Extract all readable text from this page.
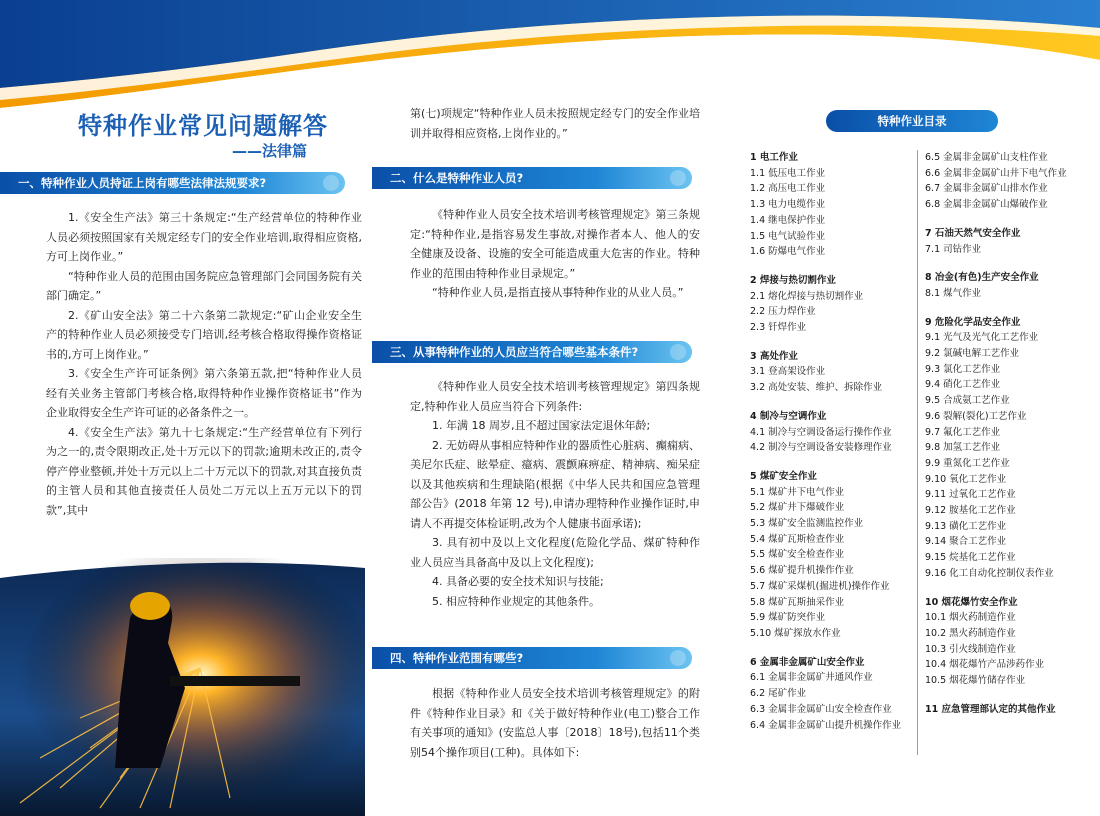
特种作业常见问题解答
——法律篇
一、特种作业人员持证上岗有哪些法律法规要求?

1.《安全生产法》第三十条规定:“生产经营单位的特种作业人员必须按照国家有关规定经专门的安全作业培训,取得相应资格,方可上岗作业。”

“特种作业人员的范围由国务院应急管理部门会同国务院有关部门确定。”

2.《矿山安全法》第二十六条第二款规定:“矿山企业安全生产的特种作业人员必须接受专门培训,经考核合格取得操作资格证书的,方可上岗作业。”

3.《安全生产许可证条例》第六条第五款,把“特种作业人员经有关业务主管部门考核合格,取得特种作业操作资格证书”作为企业取得安全生产许可证的必备条件之一。

4.《安全生产法》第九十七条规定:“生产经营单位有下列行为之一的,责令限期改正,处十万元以下的罚款;逾期未改正的,责令停产停业整顿,并处十万元以上二十万元以下的罚款,对其直接负责的主管人员和其他直接责任人员处二万元以上五万元以下的罚款”,其中

第(七)项规定“特种作业人员未按照规定经专门的安全作业培训并取得相应资格,上岗作业的。”
二、什么是特种作业人员?

《特种作业人员安全技术培训考核管理规定》第三条规定:“特种作业,是指容易发生事故,对操作者本人、他人的安全健康及设备、设施的安全可能造成重大危害的作业。特种作业的范围由特种作业目录规定。”

“特种作业人员,是指直接从事特种作业的从业人员。”

三、从事特种作业的人员应当符合哪些基本条件?

《特种作业人员安全技术培训考核管理规定》第四条规定,特种作业人员应当符合下列条件:

1. 年满 18 周岁,且不超过国家法定退休年龄;

2. 无妨碍从事相应特种作业的器质性心脏病、癫痫病、美尼尔氏症、眩晕症、癔病、震颤麻痹症、精神病、痴呆症以及其他疾病和生理缺陷(根据《中华人民共和国应急管理部公告》(2018 年第 12 号),申请办理特种作业操作证时,申请人不再提交体检证明,改为个人健康书面承诺);

3. 具有初中及以上文化程度(危险化学品、煤矿特种作业人员应当具备高中及以上文化程度);

4. 具备必要的安全技术知识与技能;

5. 相应特种作业规定的其他条件。

四、特种作业范围有哪些?

根据《特种作业人员安全技术培训考核管理规定》的附件《特种作业目录》和《关于做好特种作业(电工)整合工作有关事项的通知》(安监总人事〔2018〕18号),包括11个类别54个操作项目(工种)。具体如下:

特种作业目录
1 电工作业
1.1 低压电工作业
1.2 高压电工作业
1.3 电力电缆作业
1.4 继电保护作业
1.5 电气试验作业
1.6 防爆电气作业
2 焊接与热切割作业
2.1 熔化焊接与热切割作业
2.2 压力焊作业
2.3 钎焊作业
3 高处作业
3.1 登高架设作业
3.2 高处安装、维护、拆除作业
4 制冷与空调作业
4.1 制冷与空调设备运行操作作业
4.2 制冷与空调设备安装修理作业
5 煤矿安全作业
5.1 煤矿井下电气作业
5.2 煤矿井下爆破作业
5.3 煤矿安全监测监控作业
5.4 煤矿瓦斯检查作业
5.5 煤矿安全检查作业
5.6 煤矿提升机操作作业
5.7 煤矿采煤机(掘进机)操作作业
5.8 煤矿瓦斯抽采作业
5.9 煤矿防突作业
5.10 煤矿探放水作业
6 金属非金属矿山安全作业
6.1 金属非金属矿井通风作业
6.2 尾矿作业
6.3 金属非金属矿山安全检查作业
6.4 金属非金属矿山提升机操作作业
6.5 金属非金属矿山支柱作业
6.6 金属非金属矿山井下电气作业
6.7 金属非金属矿山排水作业
6.8 金属非金属矿山爆破作业
7 石油天然气安全作业
7.1 司钻作业
8 冶金(有色)生产安全作业
8.1 煤气作业
9 危险化学品安全作业
9.1 光气及光气化工艺作业
9.2 氯碱电解工艺作业
9.3 氯化工艺作业
9.4 硝化工艺作业
9.5 合成氨工艺作业
9.6 裂解(裂化)工艺作业
9.7 氟化工艺作业
9.8 加氢工艺作业
9.9 重氮化工艺作业
9.10 氧化工艺作业
9.11 过氧化工艺作业
9.12 胺基化工艺作业
9.13 磺化工艺作业
9.14 聚合工艺作业
9.15 烷基化工艺作业
9.16 化工自动化控制仪表作业
10 烟花爆竹安全作业
10.1 烟火药制造作业
10.2 黑火药制造作业
10.3 引火线制造作业
10.4 烟花爆竹产品涉药作业
10.5 烟花爆竹储存作业
11 应急管理部认定的其他作业
